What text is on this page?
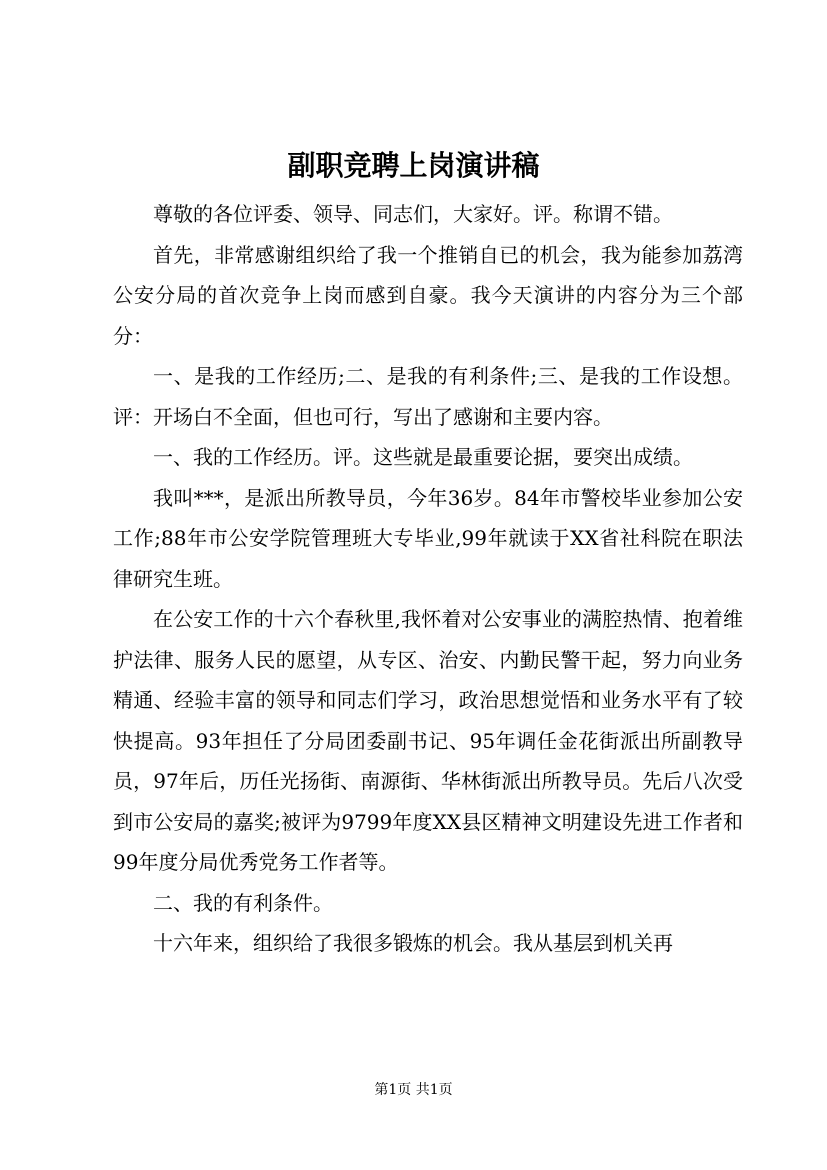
副职竞聘上岗演讲稿

尊敬的各位评委、领导、同志们，大家好。评。称谓不错。

首先，非常感谢组织给了我一个推销自已的机会，我为能参加荔湾公安分局的首次竞争上岗而感到自豪。我今天演讲的内容分为三个部分：

一、是我的工作经历;二、是我的有利条件;三、是我的工作设想。评：开场白不全面，但也可行，写出了感谢和主要内容。

一、我的工作经历。评。这些就是最重要论据，要突出成绩。

我叫***，是派出所教导员，今年36岁。84年市警校毕业参加公安工作;88年市公安学院管理班大专毕业,99年就读于XX省社科院在职法律研究生班。

在公安工作的十六个春秋里,我怀着对公安事业的满腔热情、抱着维护法律、服务人民的愿望，从专区、治安、内勤民警干起，努力向业务精通、经验丰富的领导和同志们学习，政治思想觉悟和业务水平有了较快提高。93年担任了分局团委副书记、95年调任金花街派出所副教导员，97年后，历任光扬街、南源街、华林街派出所教导员。先后八次受到市公安局的嘉奖;被评为9799年度XX县区精神文明建设先进工作者和99年度分局优秀党务工作者等。

二、我的有利条件。

十六年来，组织给了我很多锻炼的机会。我从基层到机关再

第1页 共1页
